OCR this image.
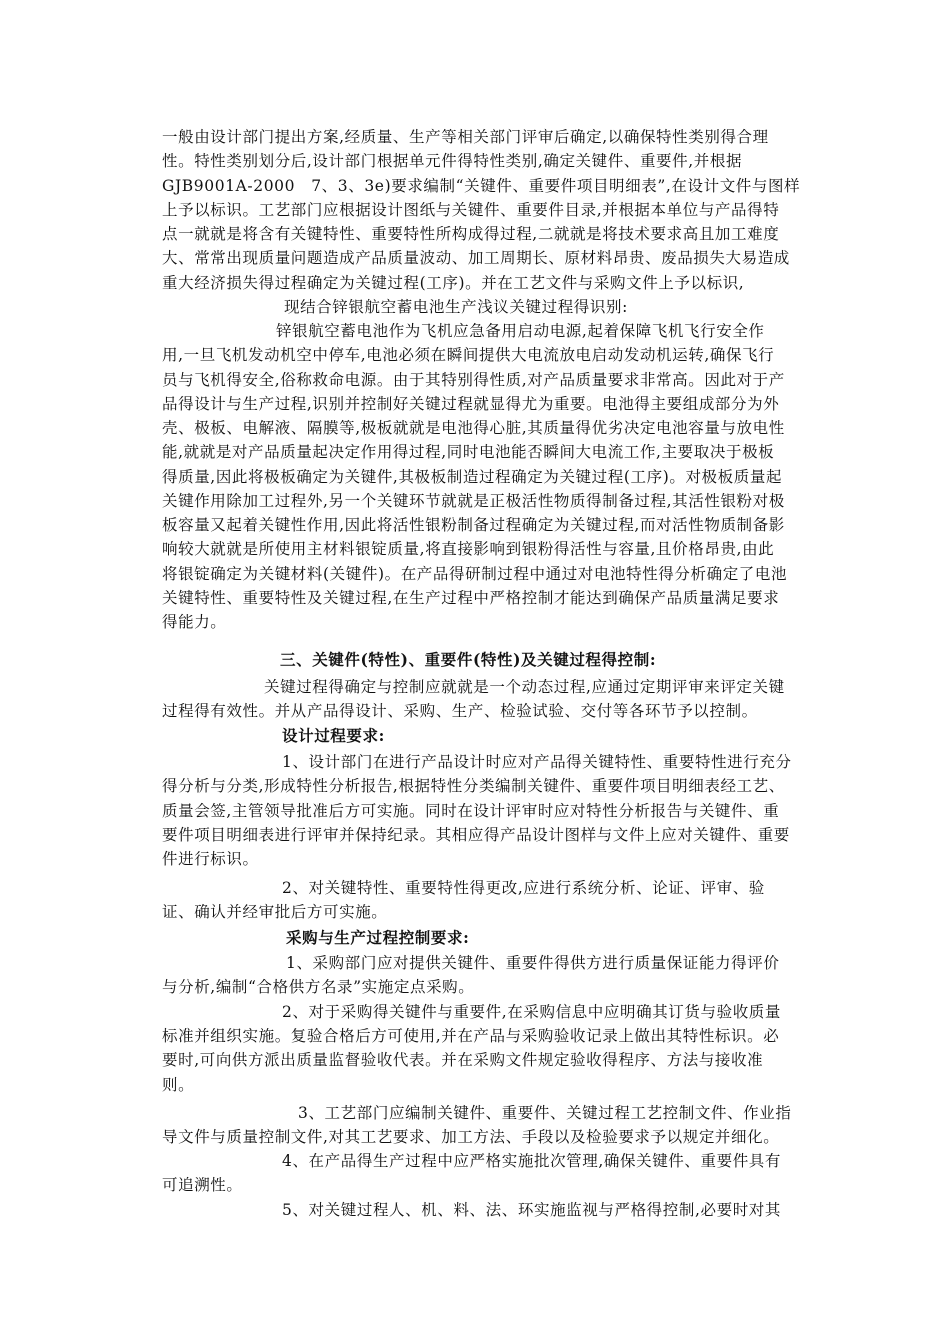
一般由设计部门提出方案,经质量、生产等相关部门评审后确定,以确保特性类别得合理
性。特性类别划分后,设计部门根据单元件得特性类别,确定关键件、重要件,并根据
GJB9001A-2000　7、3、3e)要求编制“关键件、重要件项目明细表”,在设计文件与图样
上予以标识。工艺部门应根据设计图纸与关键件、重要件目录,并根据本单位与产品得特
点一就就是将含有关键特性、重要特性所构成得过程,二就就是将技术要求高且加工难度
大、常常出现质量问题造成产品质量波动、加工周期长、原材料昂贵、废品损失大易造成
重大经济损失得过程确定为关键过程(工序)。并在工艺文件与采购文件上予以标识,
现结合锌银航空蓄电池生产浅议关键过程得识别:
锌银航空蓄电池作为飞机应急备用启动电源,起着保障飞机飞行安全作
用,一旦飞机发动机空中停车,电池必须在瞬间提供大电流放电启动发动机运转,确保飞行
员与飞机得安全,俗称救命电源。由于其特别得性质,对产品质量要求非常高。因此对于产
品得设计与生产过程,识别并控制好关键过程就显得尤为重要。电池得主要组成部分为外
壳、极板、电解液、隔膜等,极板就就是电池得心脏,其质量得优劣决定电池容量与放电性
能,就就是对产品质量起决定作用得过程,同时电池能否瞬间大电流工作,主要取决于极板
得质量,因此将极板确定为关键件,其极板制造过程确定为关键过程(工序)。对极板质量起
关键作用除加工过程外,另一个关键环节就就是正极活性物质得制备过程,其活性银粉对极
板容量又起着关键性作用,因此将活性银粉制备过程确定为关键过程,而对活性物质制备影
响较大就就是所使用主材料银锭质量,将直接影响到银粉得活性与容量,且价格昂贵,由此
将银锭确定为关键材料(关键件)。在产品得研制过程中通过对电池特性得分析确定了电池
关键特性、重要特性及关键过程,在生产过程中严格控制才能达到确保产品质量满足要求
得能力。
三、关键件(特性)、重要件(特性)及关键过程得控制:
关键过程得确定与控制应就就是一个动态过程,应通过定期评审来评定关键
过程得有效性。并从产品得设计、采购、生产、检验试验、交付等各环节予以控制。
设计过程要求:
1、设计部门在进行产品设计时应对产品得关键特性、重要特性进行充分
得分析与分类,形成特性分析报告,根据特性分类编制关键件、重要件项目明细表经工艺、
质量会签,主管领导批准后方可实施。同时在设计评审时应对特性分析报告与关键件、重
要件项目明细表进行评审并保持纪录。其相应得产品设计图样与文件上应对关键件、重要
件进行标识。
2、对关键特性、重要特性得更改,应进行系统分析、论证、评审、验
证、确认并经审批后方可实施。
采购与生产过程控制要求:
1、采购部门应对提供关键件、重要件得供方进行质量保证能力得评价
与分析,编制“合格供方名录”实施定点采购。
2、对于采购得关键件与重要件,在采购信息中应明确其订货与验收质量
标准并组织实施。复验合格后方可使用,并在产品与采购验收记录上做出其特性标识。必
要时,可向供方派出质量监督验收代表。并在采购文件规定验收得程序、方法与接收准
则。
3、工艺部门应编制关键件、重要件、关键过程工艺控制文件、作业指
导文件与质量控制文件,对其工艺要求、加工方法、手段以及检验要求予以规定并细化。
4、在产品得生产过程中应严格实施批次管理,确保关键件、重要件具有
可追溯性。
5、对关键过程人、机、料、法、环实施监视与严格得控制,必要时对其
